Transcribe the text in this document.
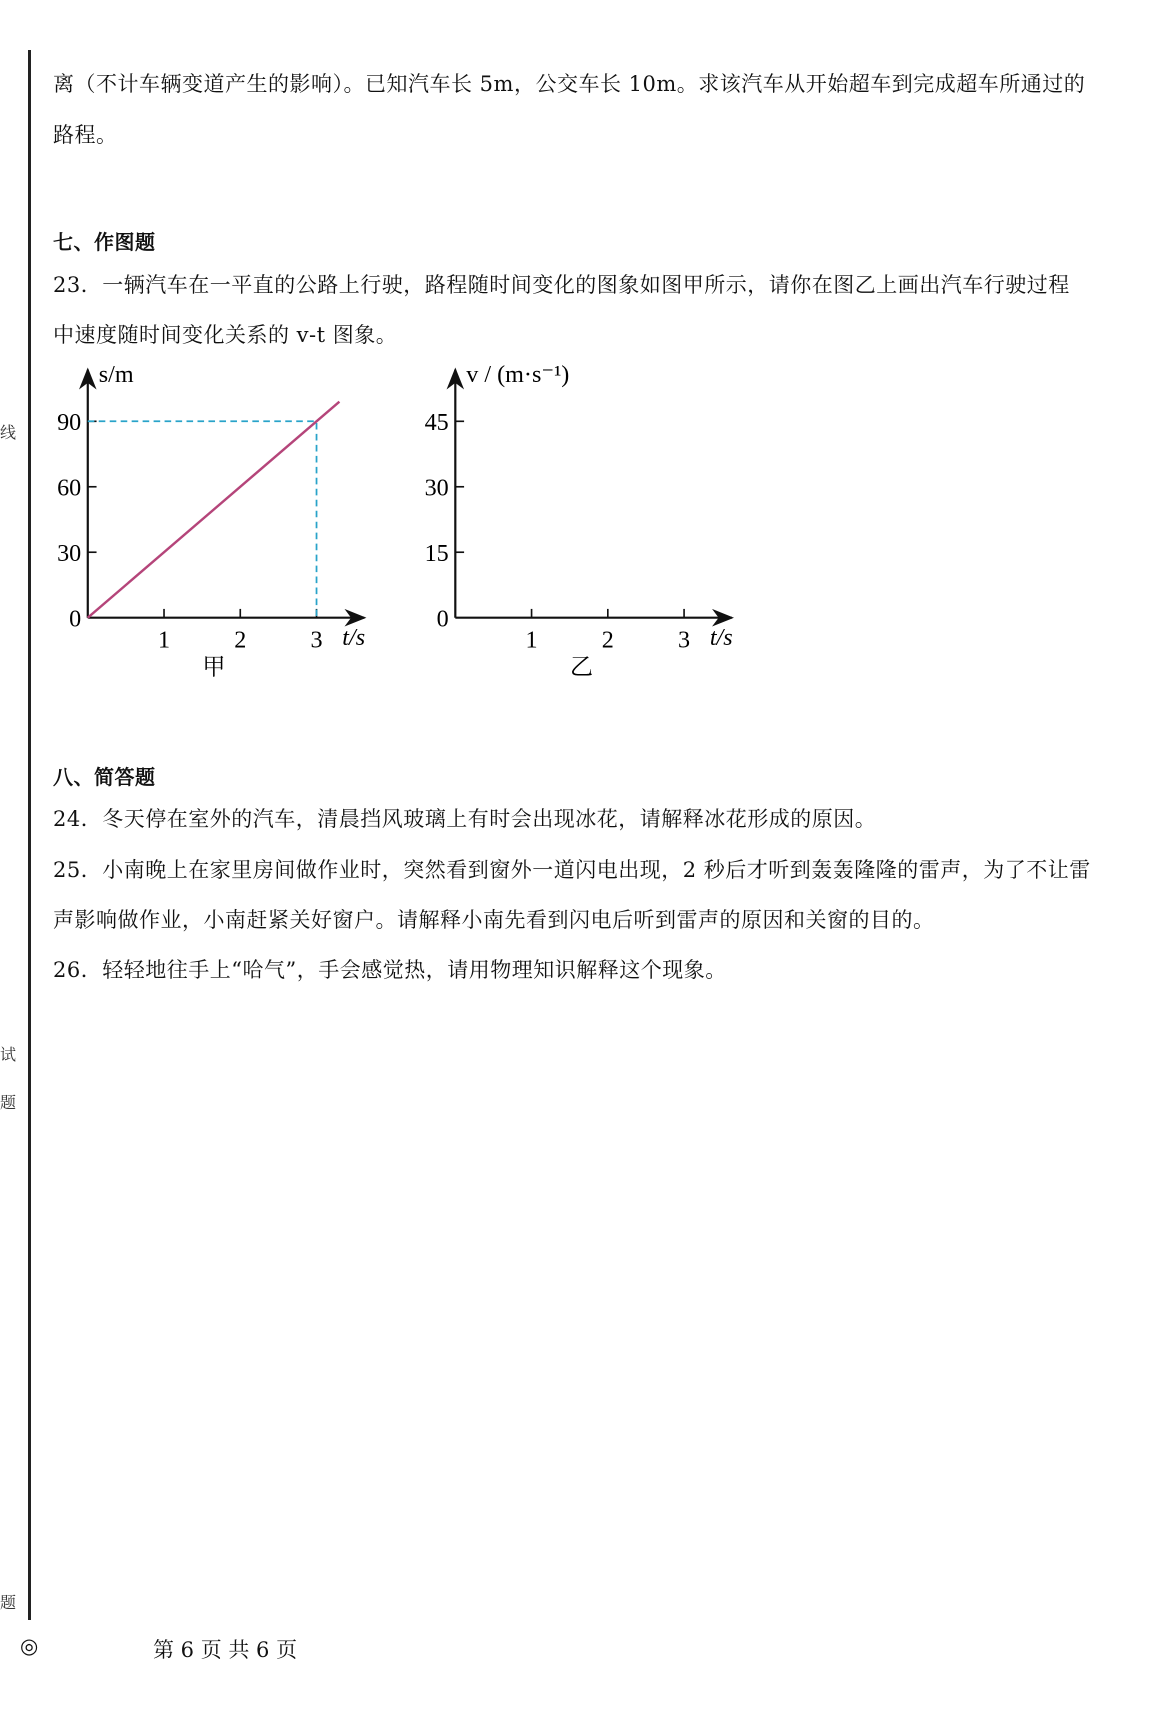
线
试
题
题
离（不计车辆变道产生的影响）。已知汽车长 5m，公交车长 10m。求该汽车从开始超车到完成超车所通过的
路程。
七、作图题
23．一辆汽车在一平直的公路上行驶，路程随时间变化的图象如图甲所示，请你在图乙上画出汽车行驶过程
中速度随时间变化关系的 v-t 图象。
1	2	3
0
30
60
90
t/s
s/m
甲
1	2	3
0
15
30
45
t/s
v / (m·s⁻¹)
乙
八、简答题
24．冬天停在室外的汽车，清晨挡风玻璃上有时会出现冰花，请解释冰花形成的原因。
25．小南晚上在家里房间做作业时，突然看到窗外一道闪电出现，2 秒后才听到轰轰隆隆的雷声，为了不让雷
声影响做作业，小南赶紧关好窗户。请解释小南先看到闪电后听到雷声的原因和关窗的目的。
26．轻轻地往手上“哈气”，手会感觉热，请用物理知识解释这个现象。
◎	第 6 页 共 6 页
